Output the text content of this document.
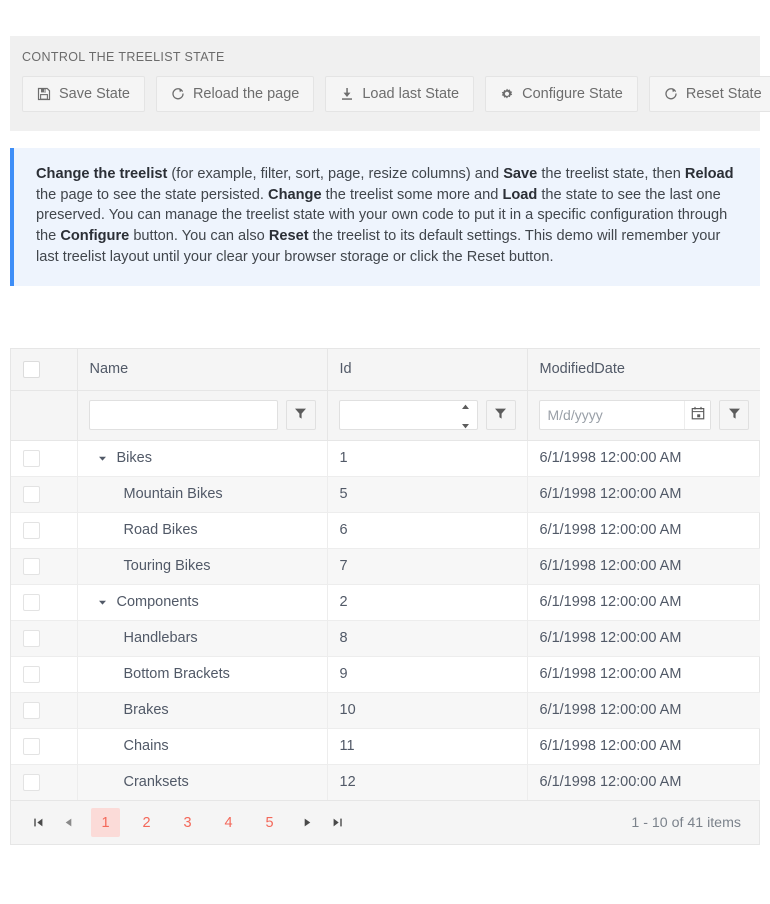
CONTROL THE TREELIST STATE
Save State	Reload the page	Load last State	Configure State	Reset State
Change the treelist (for example, filter, sort, page, resize columns) and Save the treelist state, then Reload the page to see the state persisted. Change the treelist some more and Load the state to see the last one preserved. You can manage the treelist state with your own code to put it in a specific configuration through the Configure button. You can also Reset the treelist to its default settings. This demo will remember your last treelist layout until your clear your browser storage or click the Reset button.
	Name	Id	ModifiedDate

M/d/yyyy

	Bikes	1	6/1/1998 12:00:00 AM

	Mountain Bikes	5	6/1/1998 12:00:00 AM

	Road Bikes	6	6/1/1998 12:00:00 AM

	Touring Bikes	7	6/1/1998 12:00:00 AM

	Components	2	6/1/1998 12:00:00 AM

	Handlebars	8	6/1/1998 12:00:00 AM

	Bottom Brackets	9	6/1/1998 12:00:00 AM

	Brakes	10	6/1/1998 12:00:00 AM

	Chains	11	6/1/1998 12:00:00 AM

	Cranksets	12	6/1/1998 12:00:00 AM
1	2	3	4	5	1 - 10 of 41 items
